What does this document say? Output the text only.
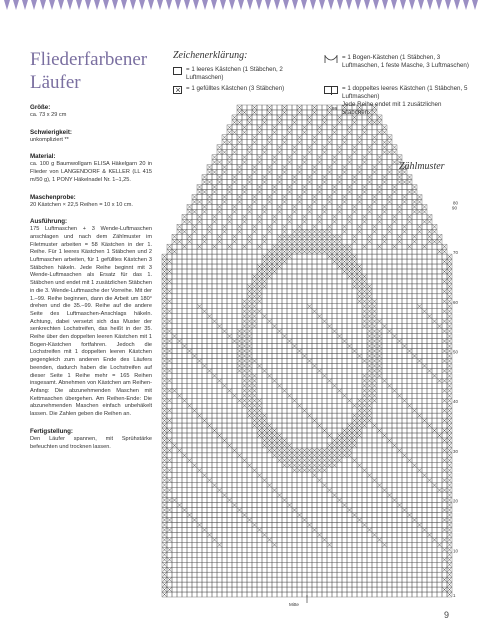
Fliederfarbener
Läufer
Größe:

ca. 73 x 29 cm

Schwierigkeit:

unkompliziert **

Material:

ca. 100 g Baumwollgarn ELISA Häkelgarn 20 in Flieder von LANGENDORF & KELLER (LL 415 m/50 g), 1 PONY Häkelnadel Nr. 1–1,25.

Maschenprobe:

20 Kästchen × 22,5 Reihen = 10 x 10 cm.

Ausführung:

175 Luftmaschen + 3 Wende-Luftmaschen anschlagen und nach dem Zählmuster im Filetmuster arbeiten = 58 Kästchen in der 1. Reihe. Für 1 leeres Kästchen 1 Stäbchen und 2 Luftmaschen arbeiten, für 1 gefülltes Kästchen 3 Stäbchen häkeln. Jede Reihe beginnt mit 3 Wende-Luftmaschen als Ersatz für das 1. Stäbchen und endet mit 1 zusätzlichen Stäbchen in die 3. Wende-Luftmasche der Vorreihe. Mit der 1.–99. Reihe beginnen, dann die Arbeit um 180° drehen und die 35.–99. Reihe auf die andere Seite des Luftmaschen-Anschlags häkeln. Achtung, dabei versetzt sich das Muster der senkrechten Lochstreifen, das heißt in der 35. Reihe über den doppelten leeren Kästchen mit 1 Bogen-Kästchen fortfahren. Jedoch die Lochstreifen mit 1 doppelten leeren Kästchen gegengleich zum anderen Ende des Läufers beenden, dadurch haben die Lochstreifen auf dieser Seite 1 Reihe mehr = 165 Reihen insgesamt. Abnehmen von Kästchen am Reihen-Anfang: Die abzunehmenden Maschen mit Kettmaschen übergehen. Am Reihen-Ende: Die abzunehmenden Maschen einfach unbehäkelt lassen. Die Zahlen geben die Reihen an.

Fertigstellung:

Den Läufer spannen, mit Sprühstärke befeuchten und trocknen lassen.

Zeichenerklärung:
= 1 leeres Kästchen (1 Stäbchen, 2 Luftmaschen)
×
= 1 gefülltes Kästchen (3 Stäbchen)
= 1 Bogen-Kästchen (1 Stäbchen, 3 Luftmaschen, 1 feste Masche, 3 Luftmaschen)
= 1 doppeltes leeres Kästchen (1 Stäbchen, 5 Luftmaschen)
Jede Reihe endet mit 1 zusätzlichen Stäbchen.
Zählmuster
99
90
80
70
60
50
40
30
20
10
1
Mitte
9
